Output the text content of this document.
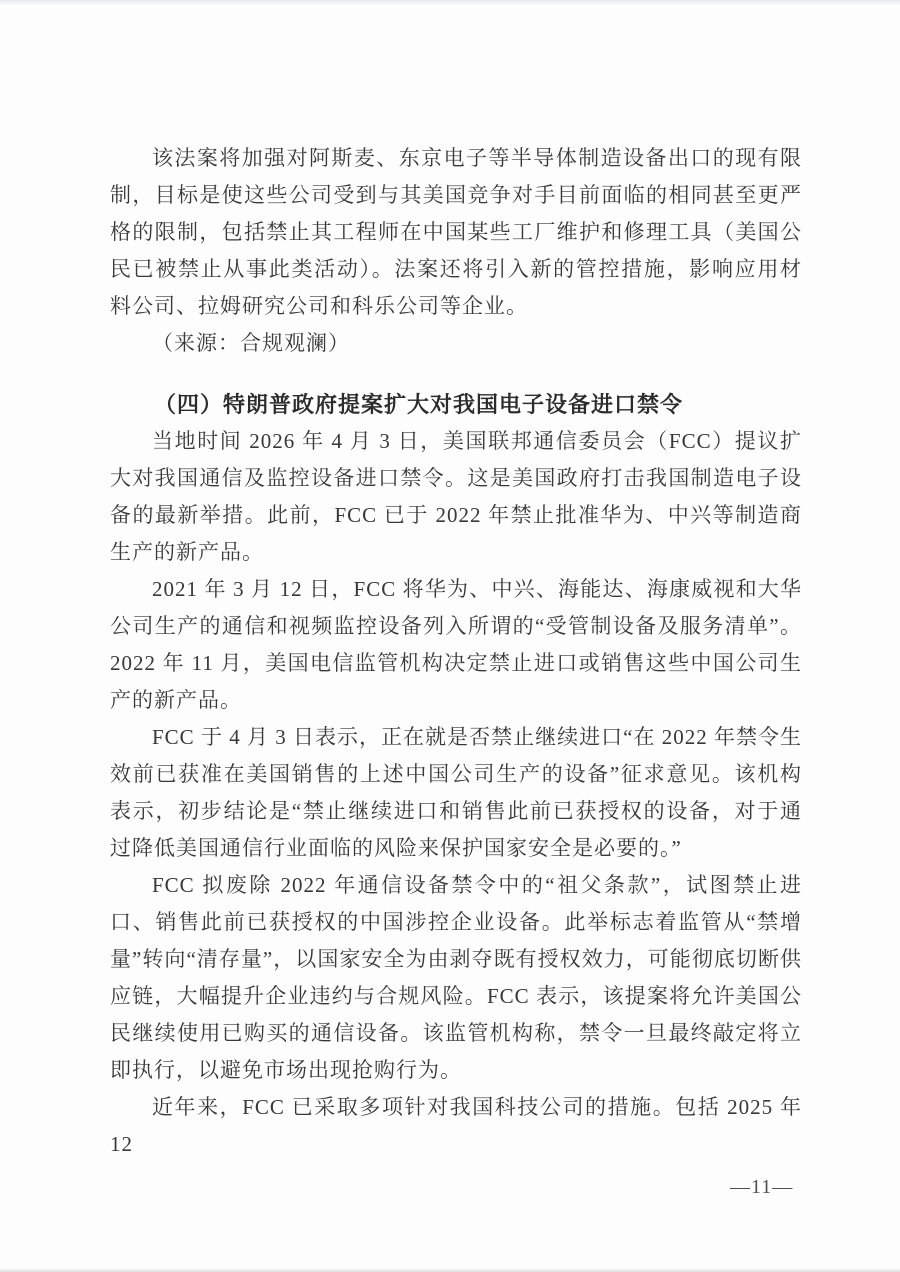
该法案将加强对阿斯麦、东京电子等半导体制造设备出口的现有限制，目标是使这些公司受到与其美国竞争对手目前面临的相同甚至更严格的限制，包括禁止其工程师在中国某些工厂维护和修理工具（美国公民已被禁止从事此类活动）。法案还将引入新的管控措施，影响应用材料公司、拉姆研究公司和科乐公司等企业。

（来源：合规观澜）

（四）特朗普政府提案扩大对我国电子设备进口禁令

当地时间 2026 年 4 月 3 日，美国联邦通信委员会（FCC）提议扩大对我国通信及监控设备进口禁令。这是美国政府打击我国制造电子设备的最新举措。此前，FCC 已于 2022 年禁止批准华为、中兴等制造商生产的新产品。

2021 年 3 月 12 日，FCC 将华为、中兴、海能达、海康威视和大华公司生产的通信和视频监控设备列入所谓的“受管制设备及服务清单”。2022 年 11 月，美国电信监管机构决定禁止进口或销售这些中国公司生产的新产品。

FCC 于 4 月 3 日表示，正在就是否禁止继续进口“在 2022 年禁令生效前已获准在美国销售的上述中国公司生产的设备”征求意见。该机构表示，初步结论是“禁止继续进口和销售此前已获授权的设备，对于通过降低美国通信行业面临的风险来保护国家安全是必要的。”

FCC 拟废除 2022 年通信设备禁令中的“祖父条款”，试图禁止进口、销售此前已获授权的中国涉控企业设备。此举标志着监管从“禁增量”转向“清存量”，以国家安全为由剥夺既有授权效力，可能彻底切断供应链，大幅提升企业违约与合规风险。FCC 表示，该提案将允许美国公民继续使用已购买的通信设备。该监管机构称，禁令一旦最终敲定将立即执行，以避免市场出现抢购行为。

近年来，FCC 已采取多项针对我国科技公司的措施。包括 2025 年 12

—11—
